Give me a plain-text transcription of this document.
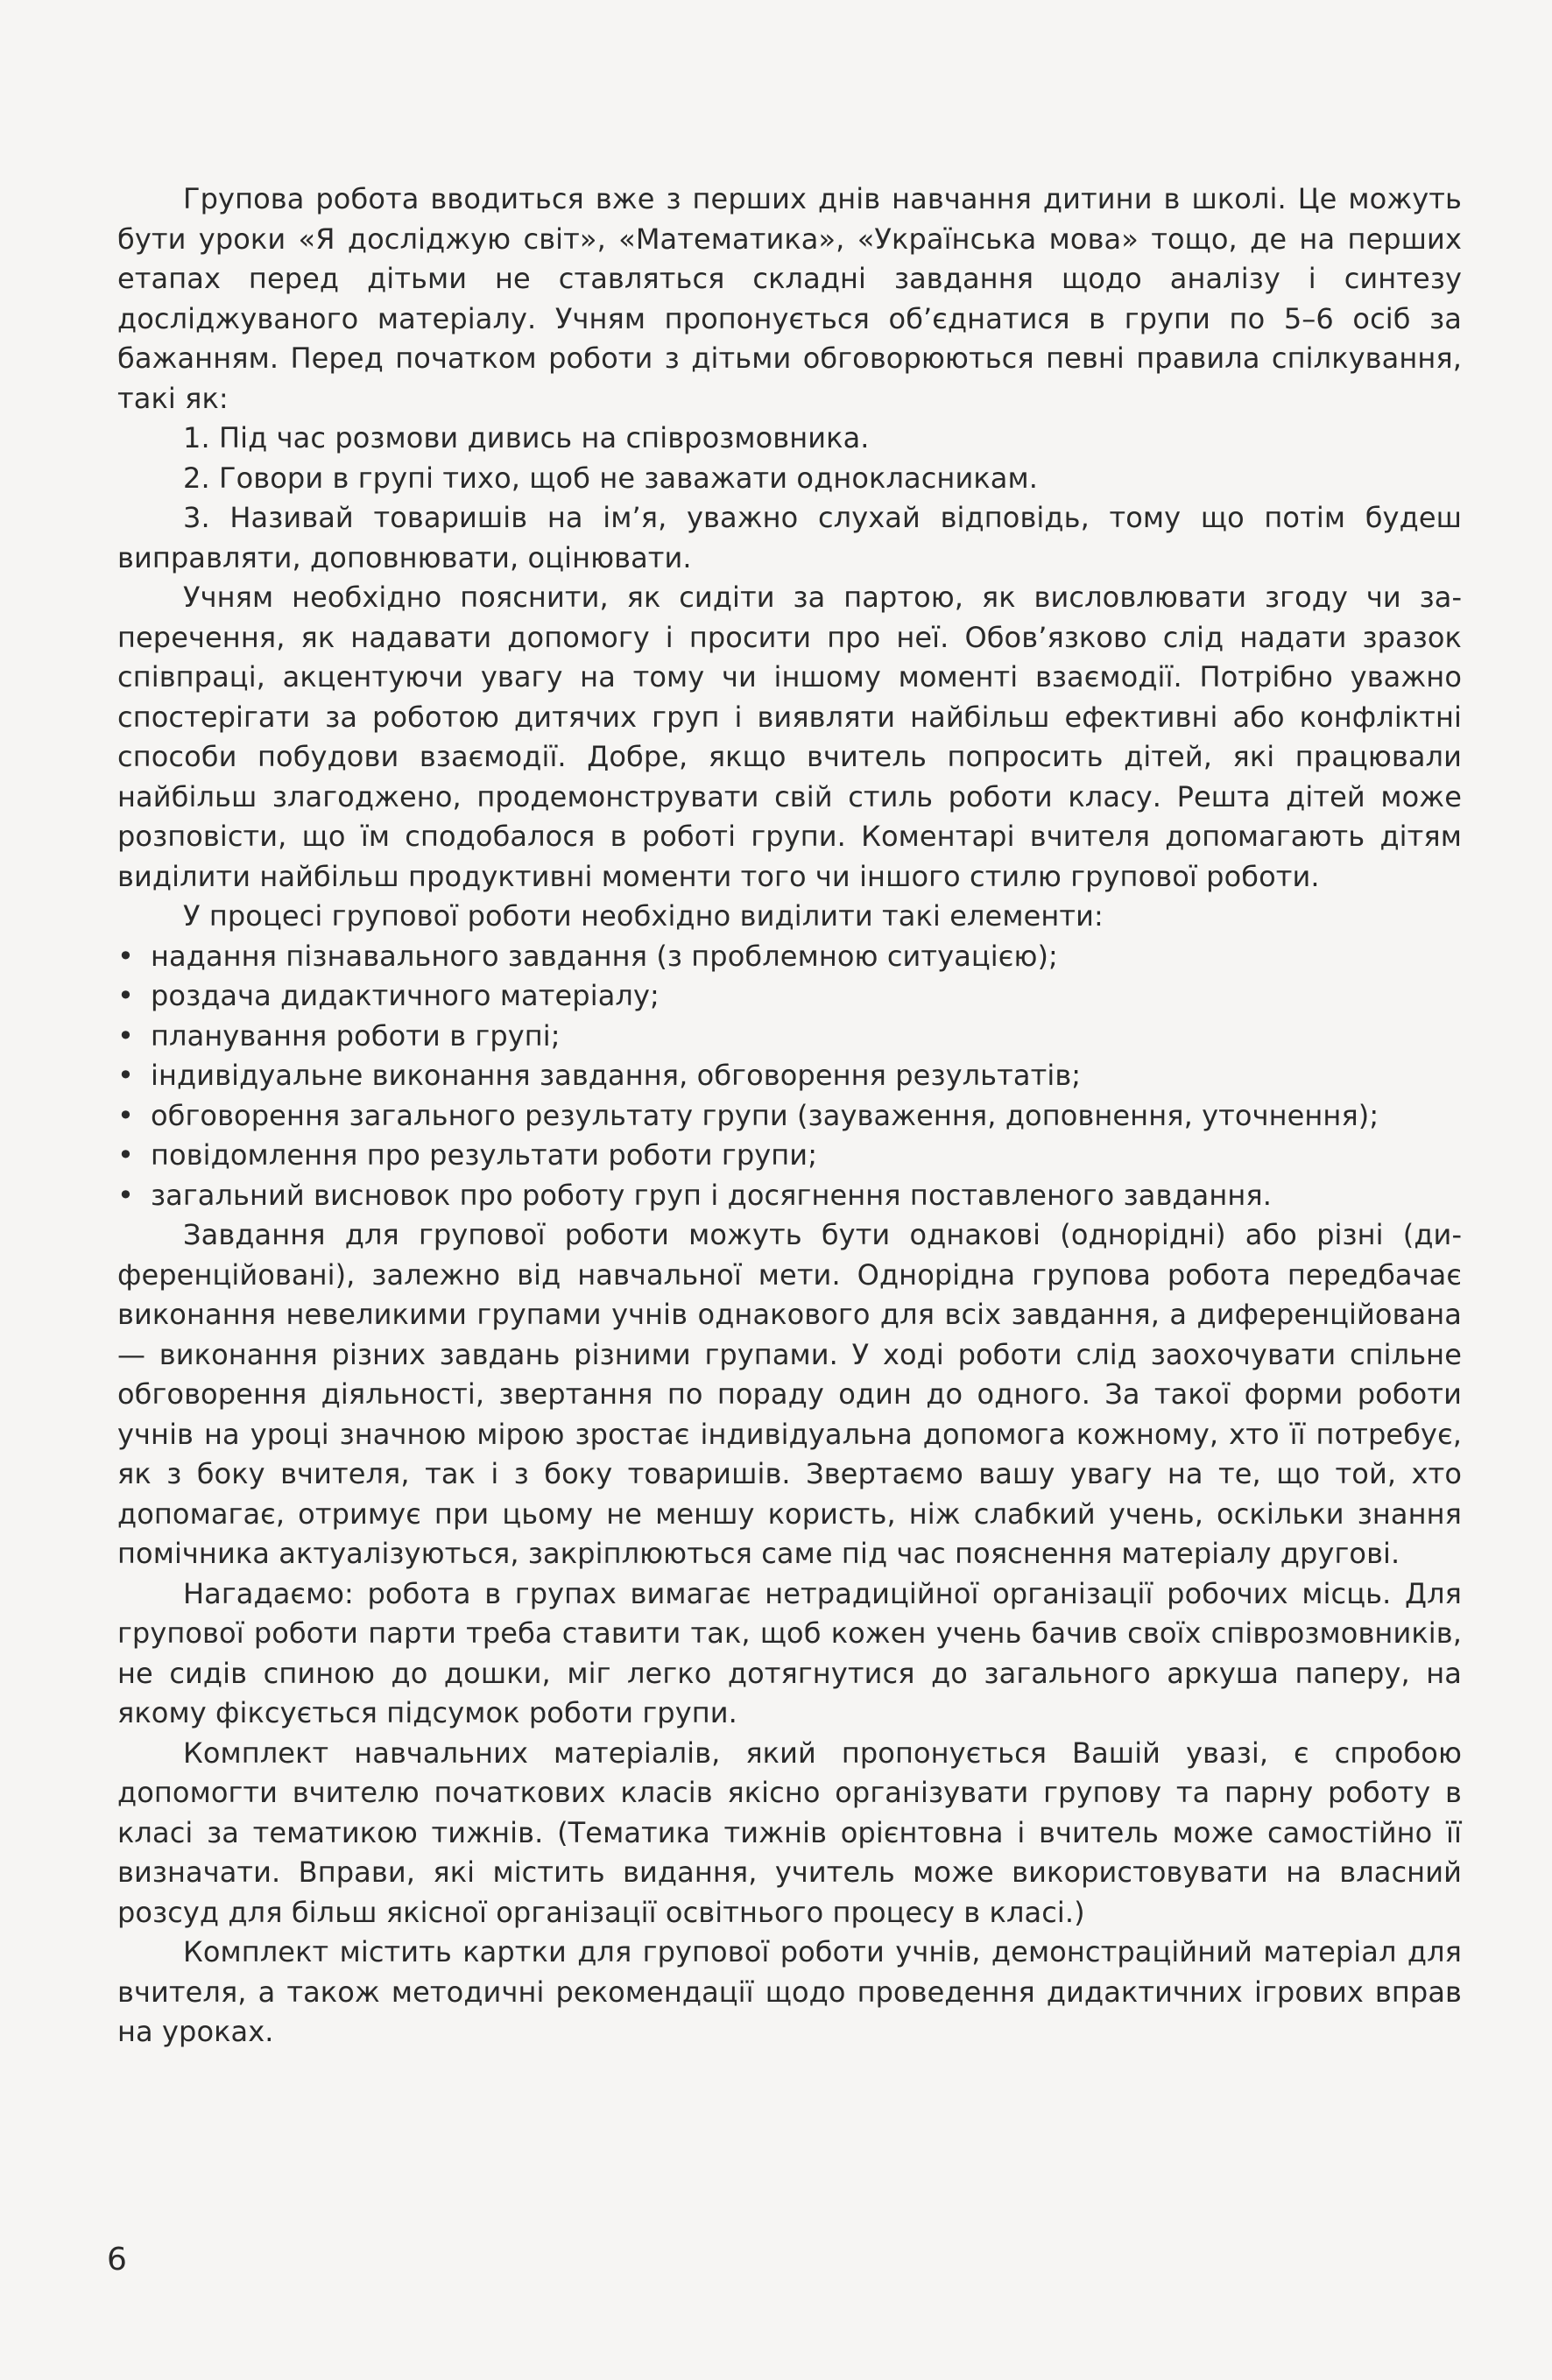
Групова робота вводиться вже з перших днів навчання дитини в школі. Це можуть бути уроки «Я досліджую світ», «Математика», «Українська мова» тощо, де на перших етапах перед дітьми не ставляться складні завдання щодо аналізу і синтезу досліджуваного матеріалу. Учням пропонується об’єднатися в групи по 5–6 осіб за бажанням. Перед початком роботи з дітьми обговорюються певні правила спілкування, такі як:

1. Під час розмови дивись на співрозмовника.
2. Говори в групі тихо, щоб не заважати однокласникам.
3. Називай товаришів на ім’я, уважно слухай відповідь, тому що потім будеш виправляти, доповнювати, оцінювати.

Учням необхідно пояснити, як сидіти за партою, як висловлювати згоду чи заперечення, як надавати допомогу і просити про неї. Обов’язково слід надати зразок співпраці, акцентуючи увагу на тому чи іншому моменті взаємодії. Потрібно уважно спостерігати за роботою дитячих груп і виявляти найбільш ефективні або конфліктні способи побудови взаємодії. Добре, якщо вчитель попросить дітей, які працювали найбільш злагоджено, продемонструвати свій стиль роботи класу. Решта дітей може розповісти, що їм сподобалося в роботі групи. Коментарі вчителя допомагають дітям виділити найбільш продуктивні моменти того чи іншого стилю групової роботи.

У процесі групової роботи необхідно виділити такі елементи:

• надання пізнавального завдання (з проблемною ситуацією);
• роздача дидактичного матеріалу;
• планування роботи в групі;
• індивідуальне виконання завдання, обговорення результатів;
• обговорення загального результату групи (зауваження, доповнення, уточнення);
• повідомлення про результати роботи групи;
• загальний висновок про роботу груп і досягнення поставленого завдання.

Завдання для групової роботи можуть бути однакові (однорідні) або різні (диференційовані), залежно від навчальної мети. Однорідна групова робота передбачає виконання невеликими групами учнів однакового для всіх завдання, а диференційована — виконання різних завдань різними групами. У ході роботи слід заохочувати спільне обговорення діяльності, звертання по пораду один до одного. За такої форми роботи учнів на уроці значною мірою зростає індивідуальна допомога кожному, хто її потребує, як з боку вчителя, так і з боку товаришів. Звертаємо вашу увагу на те, що той, хто допомагає, отримує при цьому не меншу користь, ніж слабкий учень, оскільки знання помічника актуалізуються, закріплюються саме під час пояснення матеріалу другові.

Нагадаємо: робота в групах вимагає нетрадиційної організації робочих місць. Для групової роботи парти треба ставити так, щоб кожен учень бачив своїх співрозмовників, не сидів спиною до дошки, міг легко дотягнутися до загального аркуша паперу, на якому фіксується підсумок роботи групи.

Комплект навчальних матеріалів, який пропонується Вашій увазі, є спробою допомогти вчителю початкових класів якісно організувати групову та парну роботу в класі за тематикою тижнів. (Тематика тижнів орієнтовна і вчитель може самостійно її визначати. Вправи, які містить видання, учитель може використовувати на власний розсуд для більш якісної організації освітнього процесу в класі.)

Комплект містить картки для групової роботи учнів, демонстраційний матеріал для вчителя, а також методичні рекомендації щодо проведення дидактичних ігрових вправ на уроках.

6
